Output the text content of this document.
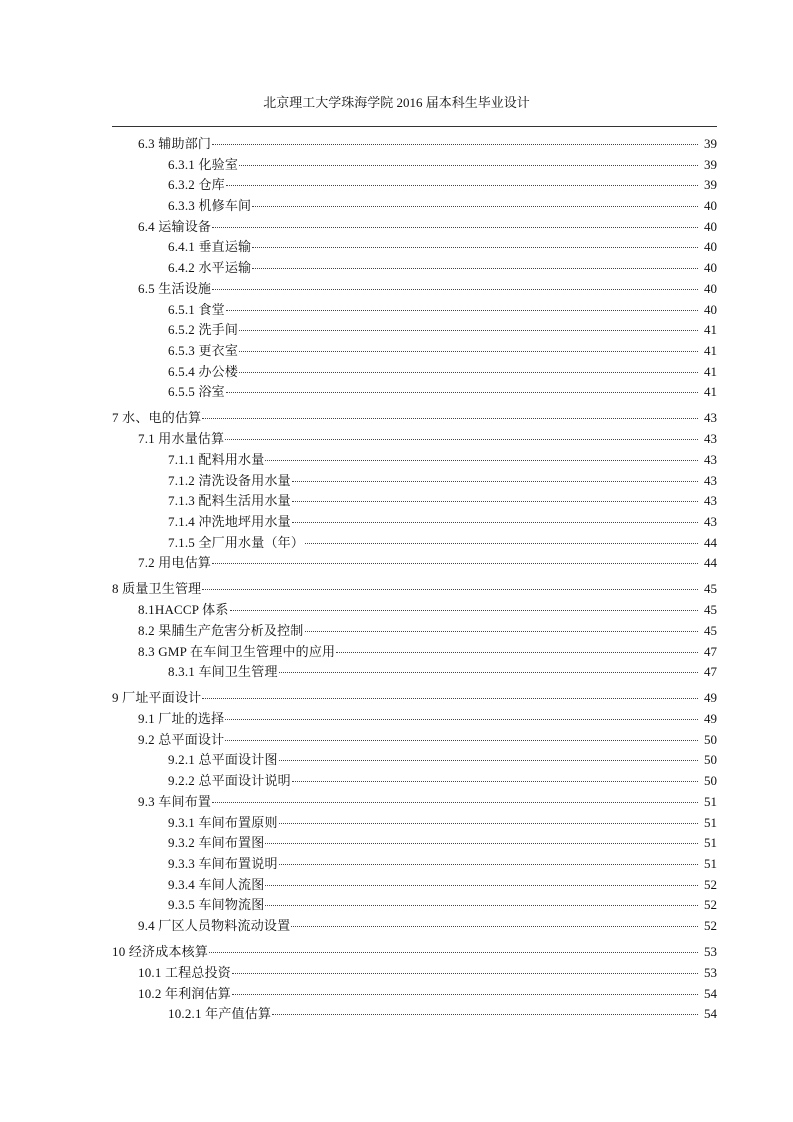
北京理工大学珠海学院 2016 届本科生毕业设计
6.3 辅助部门	39
6.3.1 化验室	39
6.3.2 仓库	39
6.3.3 机修车间	40
6.4 运输设备	40
6.4.1 垂直运输	40
6.4.2 水平运输	40
6.5 生活设施	40
6.5.1 食堂	40
6.5.2 洗手间	41
6.5.3 更衣室	41
6.5.4 办公楼	41
6.5.5 浴室	41
7 水、电的估算	43
7.1 用水量估算	43
7.1.1 配料用水量	43
7.1.2 清洗设备用水量	43
7.1.3 配料生活用水量	43
7.1.4 冲洗地坪用水量	43
7.1.5 全厂用水量（年）	44
7.2 用电估算	44
8 质量卫生管理	45
8.1HACCP 体系	45
8.2 果脯生产危害分析及控制	45
8.3 GMP 在车间卫生管理中的应用	47
8.3.1 车间卫生管理	47
9 厂址平面设计	49
9.1 厂址的选择	49
9.2 总平面设计	50
9.2.1 总平面设计图	50
9.2.2 总平面设计说明	50
9.3 车间布置	51
9.3.1 车间布置原则	51
9.3.2 车间布置图	51
9.3.3 车间布置说明	51
9.3.4 车间人流图	52
9.3.5 车间物流图	52
9.4 厂区人员物料流动设置	52
10 经济成本核算	53
10.1 工程总投资	53
10.2 年利润估算	54
10.2.1 年产值估算	54
